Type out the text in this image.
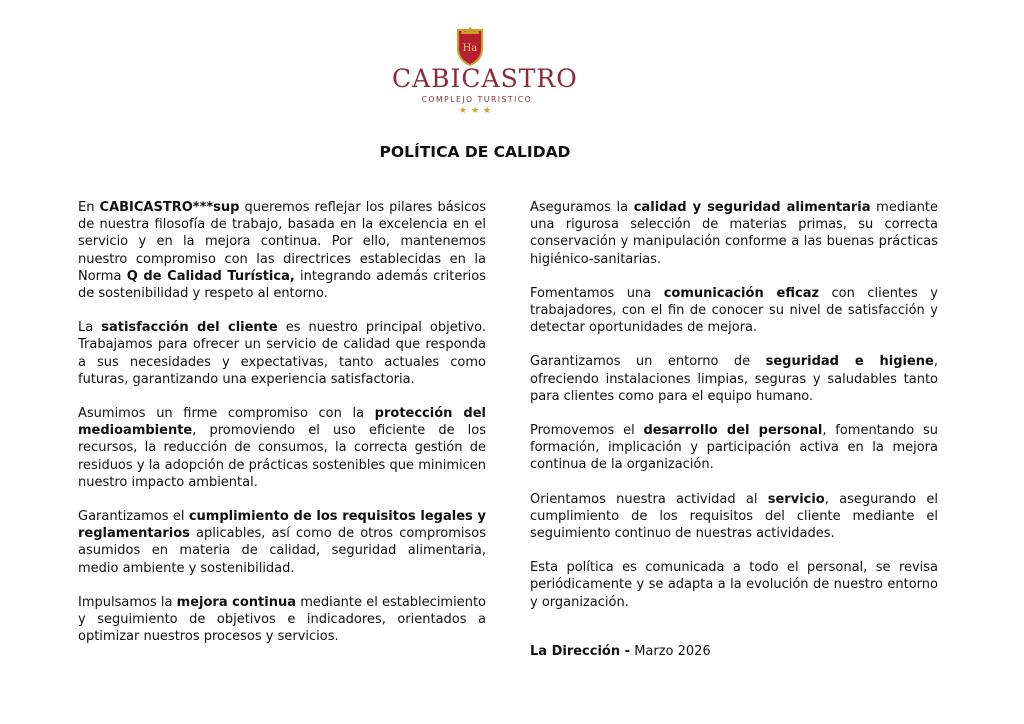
Ha
CABICASTRO
COMPLEJO TURISTICO
★★★
POLÍTICA DE CALIDAD

En CABICASTRO***sup queremos reflejar los pilares básicos de nuestra filosofía de trabajo, basada en la excelencia en el servicio y en la mejora continua. Por ello, mantenemos nuestro compromiso con las directrices establecidas en la Norma Q de Calidad Turística, integrando además criterios de sostenibilidad y respeto al entorno.

La satisfacción del cliente es nuestro principal objetivo. Trabajamos para ofrecer un servicio de calidad que responda a sus necesidades y expectativas, tanto actuales como futuras, garantizando una experiencia satisfactoria.

Asumimos un firme compromiso con la protección del medioambiente, promoviendo el uso eficiente de los recursos, la reducción de consumos, la correcta gestión de residuos y la adopción de prácticas sostenibles que minimicen nuestro impacto ambiental.

Garantizamos el cumplimiento de los requisitos legales y reglamentarios aplicables, así como de otros compromisos asumidos en materia de calidad, seguridad alimentaria, medio ambiente y sostenibilidad.

Impulsamos la mejora continua mediante el establecimiento y seguimiento de objetivos e indicadores, orientados a optimizar nuestros procesos y servicios.

Aseguramos la calidad y seguridad alimentaria mediante una rigurosa selección de materias primas, su correcta conservación y manipulación conforme a las buenas prácticas higiénico-sanitarias.

Fomentamos una comunicación eficaz con clientes y trabajadores, con el fin de conocer su nivel de satisfacción y detectar oportunidades de mejora.

Garantizamos un entorno de seguridad e higiene, ofreciendo instalaciones limpias, seguras y saludables tanto para clientes como para el equipo humano.

Promovemos el desarrollo del personal, fomentando su formación, implicación y participación activa en la mejora continua de la organización.

Orientamos nuestra actividad al servicio, asegurando el cumplimiento de los requisitos del cliente mediante el seguimiento continuo de nuestras actividades.

Esta política es comunicada a todo el personal, se revisa periódicamente y se adapta a la evolución de nuestro entorno y organización.

La Dirección - Marzo 2026
